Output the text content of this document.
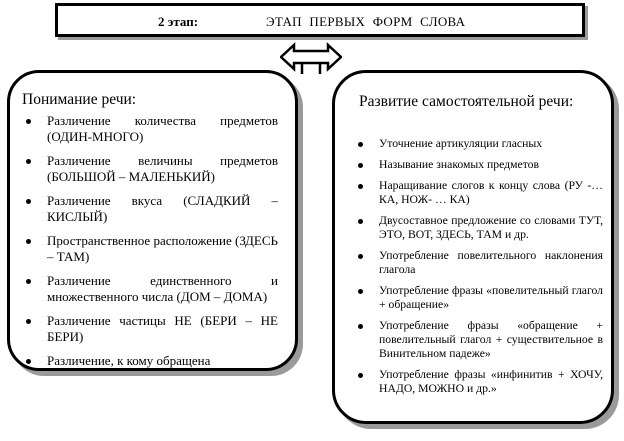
2 этап:	ЭТАП ПЕРВЫХ ФОРМ СЛОВА
Понимание речи:
Различение количества предметов (ОДИН-МНОГО)
Различение величины предметов (БОЛЬШОЙ – МАЛЕНЬКИЙ)
Различение вкуса (СЛАДКИЙ – КИСЛЫЙ)
Пространственное расположение (ЗДЕСЬ – ТАМ)
Различение единственного и множественного числа (ДОМ – ДОМА)
Различение частицы НЕ (БЕРИ – НЕ БЕРИ)
Различение, к кому обращена
Развитие самостоятельной речи:
Уточнение артикуляции гласных
Называние знакомых предметов
Наращивание слогов к концу слова (РУ -… КА, НОЖ- … КА)
Двусоставное предложение со словами ТУТ, ЭТО, ВОТ, ЗДЕСЬ, ТАМ и др.
Употребление повелительного наклонения глагола
Употребление фразы «повелительный глагол + обращение»
Употребление фразы «обращение + повелительный глагол + существительное в Винительном падеже»
Употребление фразы «инфинитив + ХОЧУ, НАДО, МОЖНО и др.»
